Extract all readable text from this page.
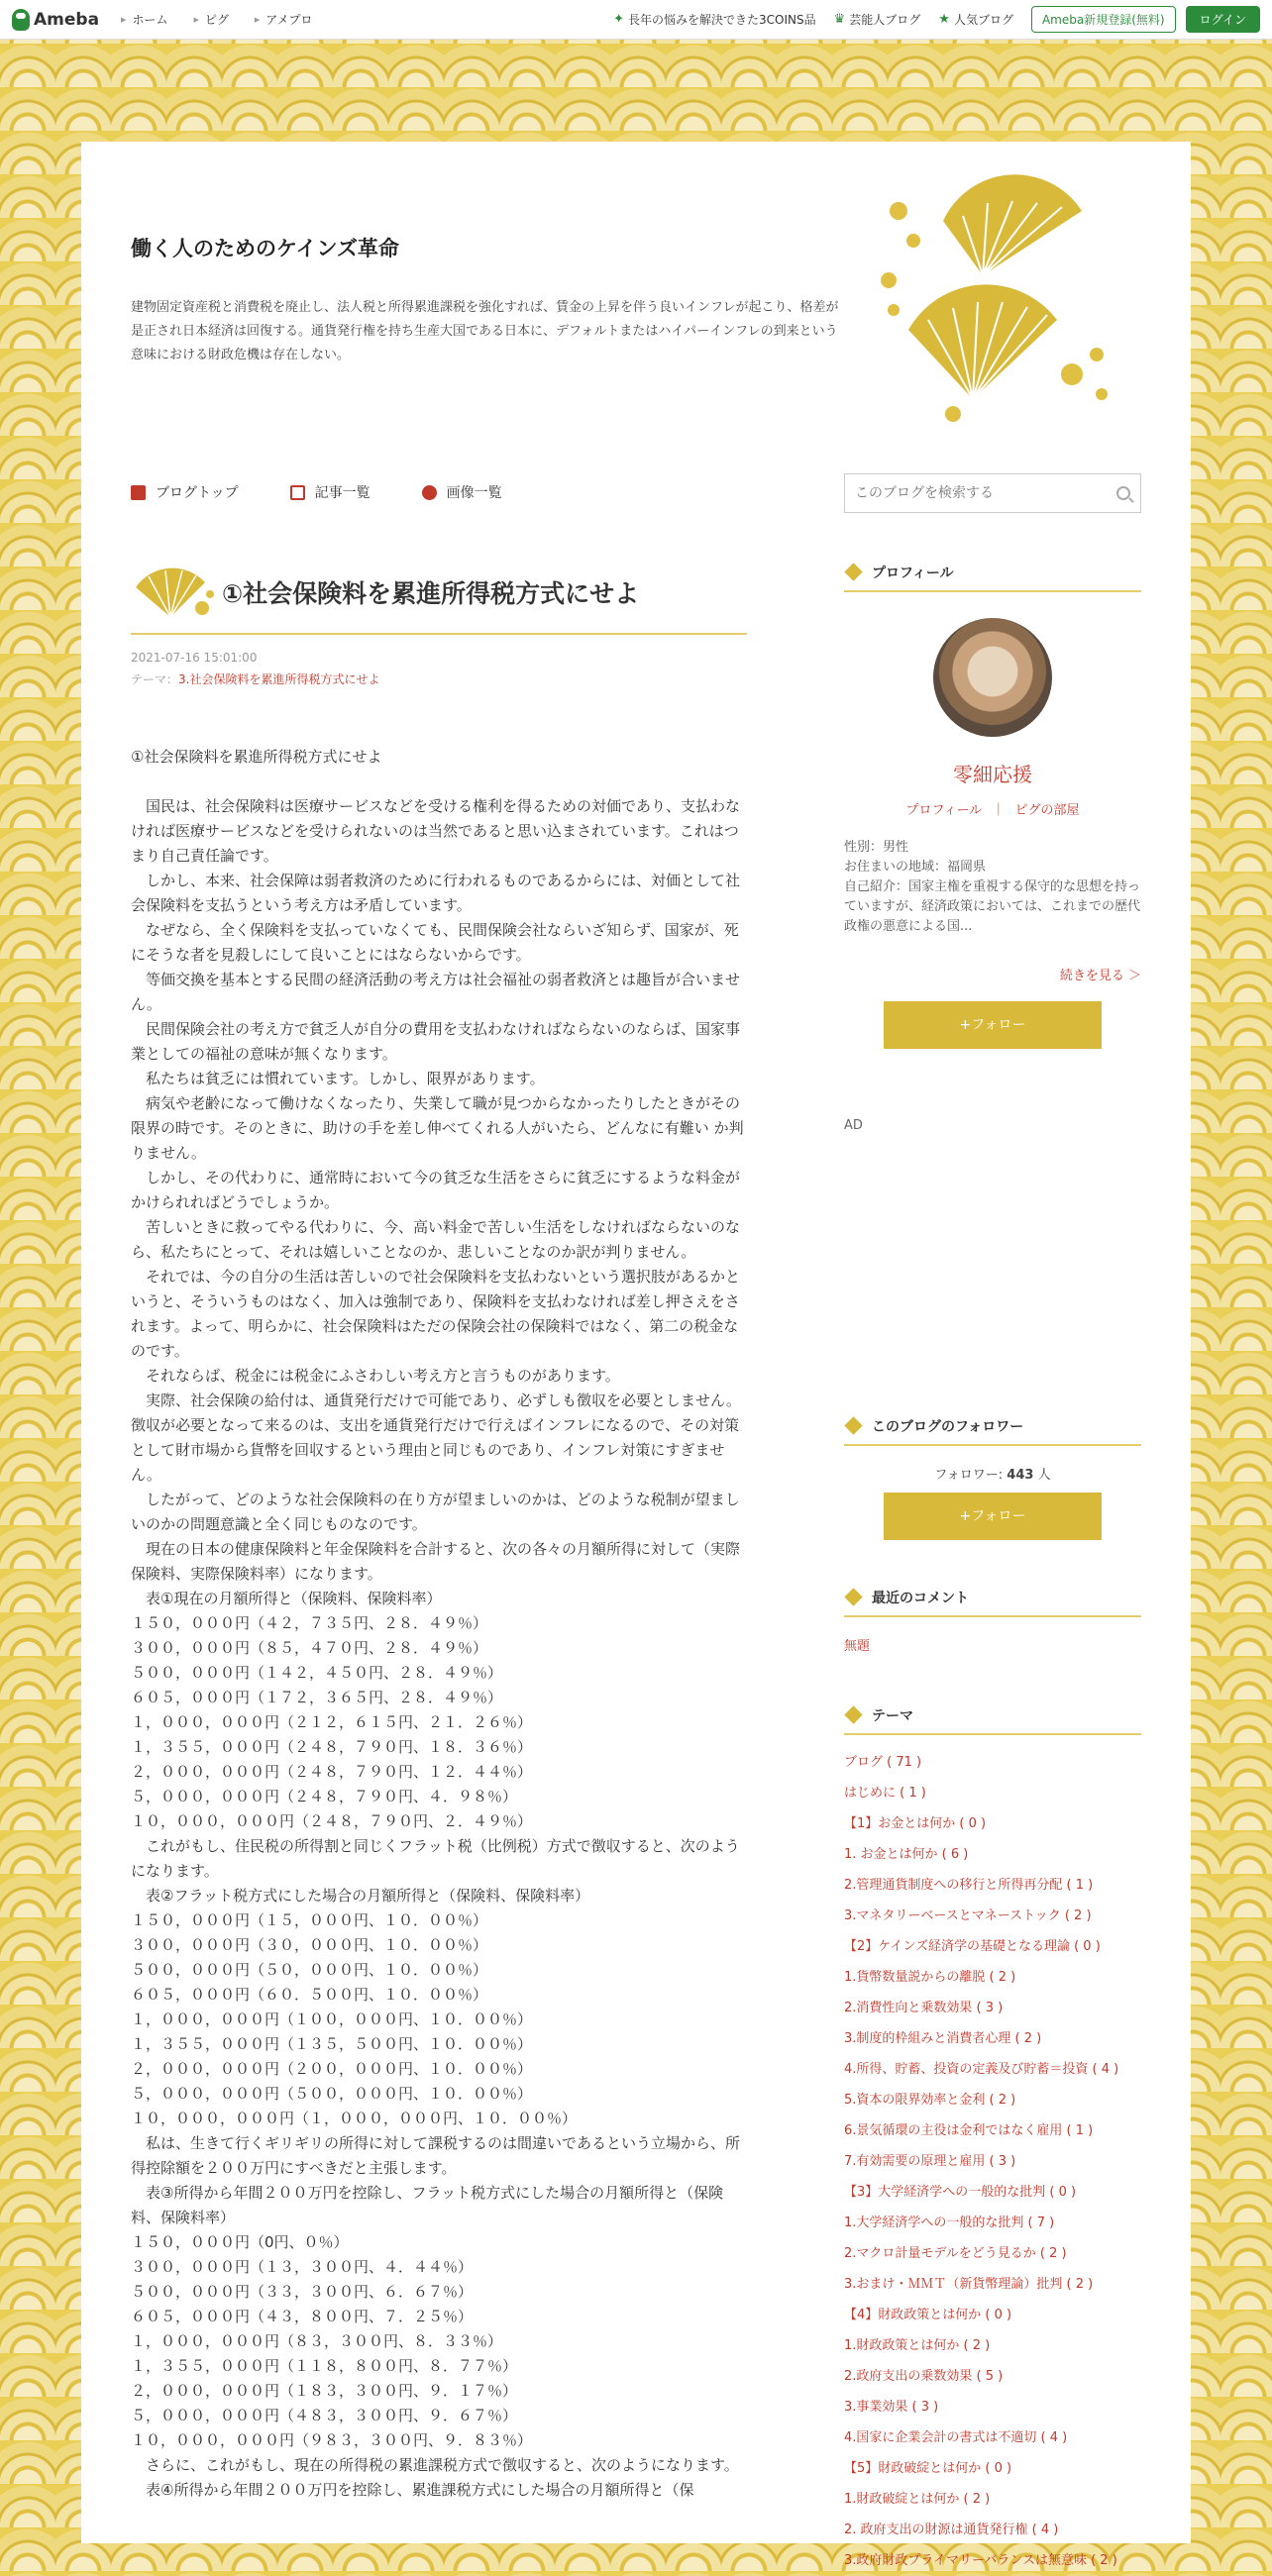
Ameba	▶ ホーム	▶ ピグ	▶ アメプロ	✦ 長年の悩みを解決できた3COINS品 ♛ 芸能人ブログ ★ 人気ブログ	Ameba新規登録(無料)	ログイン
働く人のためのケインズ革命
建物固定資産税と消費税を廃止し、法人税と所得累進課税を強化すれば、賃金の上昇を伴う良いインフレが起こり、格差が是正され日本経済は回復する。通貨発行権を持ち生産大国である日本に、デフォルトまたはハイパーインフレの到来という意味における財政危機は存在しない。
ブログトップ	記事一覧	画像一覧
このブログを検索する
①社会保険料を累進所得税方式にせよ
2021-07-16 15:01:00
テーマ：3.社会保険料を累進所得税方式にせよ

①社会保険料を累進所得税方式にせよ

　国民は、社会保険料は医療サービスなどを受ける権利を得るための対価であり、支払わなければ医療サービスなどを受けられないのは当然であると思い込まされています。これはつまり自己責任論です。

　しかし、本来、社会保障は弱者救済のために行われるものであるからには、対価として社会保険料を支払うという考え方は矛盾しています。

　なぜなら、全く保険料を支払っていなくても、民間保険会社ならいざ知らず、国家が、死にそうな者を見殺しにして良いことにはならないからです。

　等価交換を基本とする民間の経済活動の考え方は社会福祉の弱者救済とは趣旨が合いません。

　民間保険会社の考え方で貧乏人が自分の費用を支払わなければならないのならば、国家事業としての福祉の意味が無くなります。

　私たちは貧乏には慣れています。しかし、限界があります。

　病気や老齢になって働けなくなったり、失業して職が見つからなかったりしたときがその限界の時です。そのときに、助けの手を差し伸べてくれる人がいたら、どんなに有難い か判りません。

　しかし、その代わりに、通常時において今の貧乏な生活をさらに貧乏にするような料金がかけられればどうでしょうか。

　苦しいときに救ってやる代わりに、今、高い料金で苦しい生活をしなければならないのなら、私たちにとって、それは嬉しいことなのか、悲しいことなのか訳が判りません。

　それでは、今の自分の生活は苦しいので社会保険料を支払わないという選択肢があるかというと、そういうものはなく、加入は強制であり、保険料を支払わなければ差し押さえをされます。よって、明らかに、社会保険料はただの保険会社の保険料ではなく、第二の税金なのです。

　それならば、税金には税金にふさわしい考え方と言うものがあります。

　実際、社会保険の給付は、通貨発行だけで可能であり、必ずしも徴収を必要としません。徴収が必要となって来るのは、支出を通貨発行だけで行えばインフレになるので、その対策として財市場から貨幣を回収するという理由と同じものであり、インフレ対策にすぎません。

　したがって、どのような社会保険料の在り方が望ましいのかは、どのような税制が望ましいのかの問題意識と全く同じものなのです。

　現在の日本の健康保険料と年金保険料を合計すると、次の各々の月額所得に対して（実際保険料、実際保険料率）になります。

　表①現在の月額所得と（保険料、保険料率）

１５０，０００円（４２，７３５円、２８．４９％）

３００，０００円（８５，４７０円、２８．４９％）

５００，０００円（１４２，４５０円、２８．４９％）

６０５，０００円（１７２，３６５円、２８．４９％）

１，０００，０００円（２１２，６１５円、２１．２６％）

１，３５５，０００円（２４８，７９０円、１８．３６％）

２，０００，０００円（２４８，７９０円、１２．４４％）

５，０００，０００円（２４８，７９０円、４．９８％）

１０，０００，０００円（２４８，７９０円、２．４９％）

　これがもし、住民税の所得割と同じくフラット税（比例税）方式で徴収すると、次のようになります。

　表②フラット税方式にした場合の月額所得と（保険料、保険料率）

１５０，０００円（１５，０００円、１０．００％）

３００，０００円（３０，０００円、１０．００％）

５００，０００円（５０，０００円、１０．００％）

６０５，０００円（６０．５００円、１０．００％）

１，０００，０００円（１００，０００円、１０．００％）

１，３５５，０００円（１３５，５００円、１０．００％）

２，０００，０００円（２００，０００円、１０．００％）

５，０００，０００円（５００，０００円、１０．００％）

１０，０００，０００円（１，０００，０００円、１０．００％）

　私は、生きて行くギリギリの所得に対して課税するのは間違いであるという立場から、所得控除額を２００万円にすべきだと主張します。

　表③所得から年間２００万円を控除し、フラット税方式にした場合の月額所得と（保険料、保険料率）

１５０，０００円（0円、０％）

３００，０００円（１３，３００円、４．４４％）

５００，０００円（３３，３００円、６．６７％）

６０５，０００円（４３，８００円、７．２５％）

１，０００，０００円（８３，３００円、８．３３％）

１，３５５，０００円（１１８，８００円、８．７７％）

２，０００，０００円（１８３，３００円、９．１７％）

５，０００，０００円（４８３，３００円、９．６７％）

１０，０００，０００円（９８３，３００円、９．８３％）

　さらに、これがもし、現在の所得税の累進課税方式で徴収すると、次のようになります。

　表④所得から年間２００万円を控除し、累進課税方式にした場合の月額所得と（保

プロフィール
零細応援
プロフィール ｜ ピグの部屋
性別：男性
お住まいの地域：福岡県
自己紹介：国家主権を重視する保守的な思想を持っていますが、経済政策においては、これまでの歴代政権の悪意による国...
続きを見る ＞
+フォロー
AD
このブログのフォロワー
フォロワー: 443 人
+フォロー
最近のコメント
無題
テーマ
ブログ ( 71 )
はじめに ( 1 )
【1】お金とは何か ( 0 )
1. お金とは何か ( 6 )
2.管理通貨制度への移行と所得再分配 ( 1 )
3.マネタリーベースとマネーストック ( 2 )
【2】ケインズ経済学の基礎となる理論 ( 0 )
1.貨幣数量説からの離脱 ( 2 )
2.消費性向と乗数効果 ( 3 )
3.制度的枠組みと消費者心理 ( 2 )
4.所得、貯蓄、投資の定義及び貯蓄＝投資 ( 4 )
5.資本の限界効率と金利 ( 2 )
6.景気循環の主役は金利ではなく雇用 ( 1 )
7.有効需要の原理と雇用 ( 3 )
【3】大学経済学への一般的な批判 ( 0 )
1.大学経済学への一般的な批判 ( 7 )
2.マクロ計量モデルをどう見るか ( 2 )
3.おまけ・ＭＭＴ（新貨幣理論）批判 ( 2 )
【4】財政政策とは何か ( 0 )
1.財政政策とは何か ( 2 )
2.政府支出の乗数効果 ( 5 )
3.事業効果 ( 3 )
4.国家に企業会計の書式は不適切 ( 4 )
【5】財政破綻とは何か ( 0 )
1.財政破綻とは何か ( 2 )
2. 政府支出の財源は通貨発行権 ( 4 )
3.政府財政プライマリーバランスは無意味 ( 2 )
